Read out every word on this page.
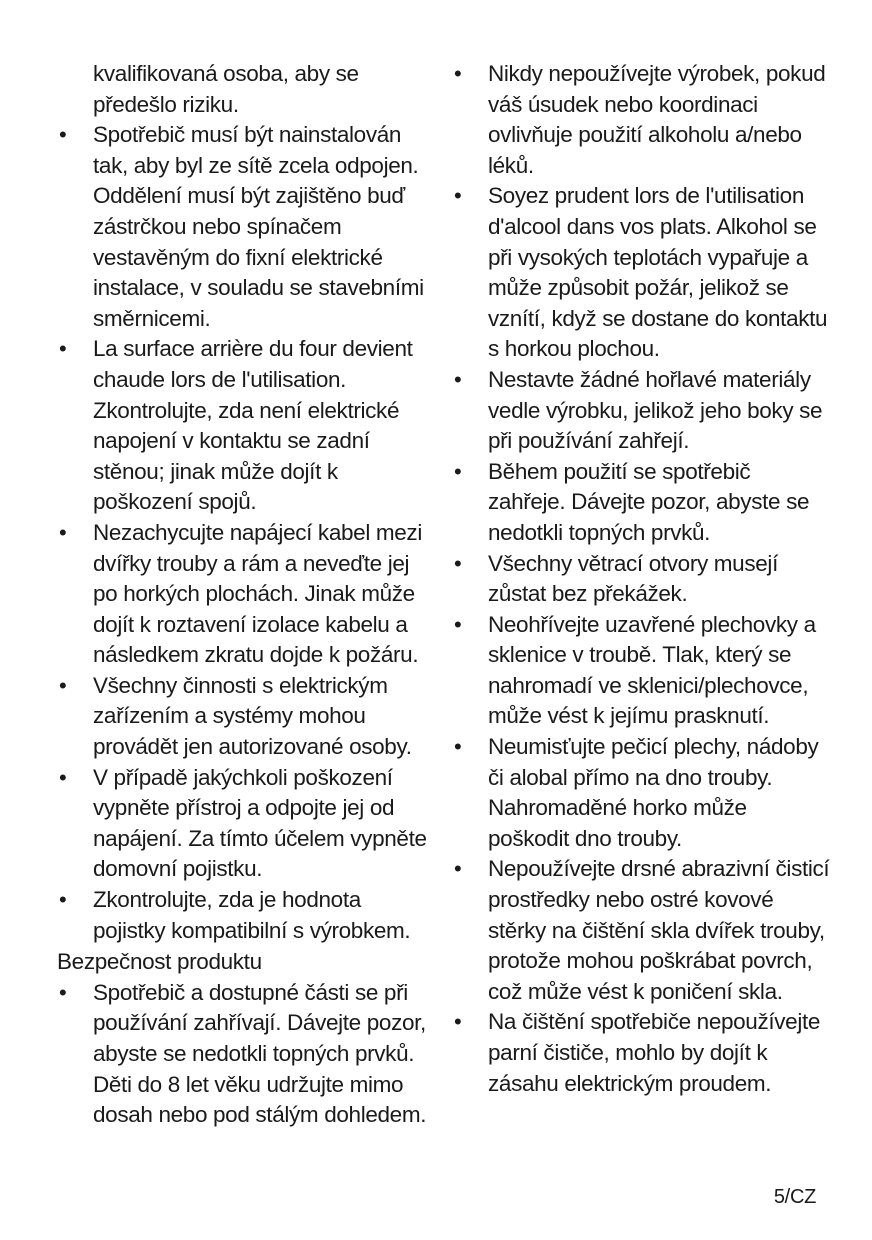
kvalifikovaná osoba, aby se předešlo riziku.
• Spotřebič musí být nainstalován tak, aby byl ze sítě zcela odpojen. Oddělení musí být zajištěno buď zástrčkou nebo spínačem vestavěným do fixní elektrické instalace, v souladu se stavebními směrnicemi.
• La surface arrière du four devient chaude lors de l'utilisation. Zkontrolujte, zda není elektrické napojení v kontaktu se zadní stěnou; jinak může dojít k poškození spojů.
• Nezachycujte napájecí kabel mezi dvířky trouby a rám a neveďte jej po horkých plochách. Jinak může dojít k roztavení izolace kabelu a následkem zkratu dojde k požáru.
• Všechny činnosti s elektrickým zařízením a systémy mohou provádět jen autorizované osoby.
• V případě jakýchkoli poškození vypněte přístroj a odpojte jej od napájení. Za tímto účelem vypněte domovní pojistku.
• Zkontrolujte, zda je hodnota pojistky kompatibilní s výrobkem.
Bezpečnost produktu
• Spotřebič a dostupné části se při používání zahřívají. Dávejte pozor, abyste se nedotkli topných prvků. Děti do 8 let věku udržujte mimo dosah nebo pod stálým dohledem.
• Nikdy nepoužívejte výrobek, pokud váš úsudek nebo koordinaci ovlivňuje použití alkoholu a/nebo léků.
• Soyez prudent lors de l'utilisation d'alcool dans vos plats. Alkohol se při vysokých teplotách vypařuje a může způsobit požár, jelikož se vznítí, když se dostane do kontaktu s horkou plochou.
• Nestavte žádné hořlavé materiály vedle výrobku, jelikož jeho boky se při používání zahřejí.
• Během použití se spotřebič zahřeje. Dávejte pozor, abyste se nedotkli topných prvků.
• Všechny větrací otvory musejí zůstat bez překážek.
• Neohřívejte uzavřené plechovky a sklenice v troubě. Tlak, který se nahromadí ve sklenici/plechovce, může vést k jejímu prasknutí.
• Neumisťujte pečicí plechy, nádoby či alobal přímo na dno trouby. Nahromaděné horko může poškodit dno trouby.
• Nepoužívejte drsné abrazivní čisticí prostředky nebo ostré kovové stěrky na čištění skla dvířek trouby, protože mohou poškrábat povrch, což může vést k poničení skla.
• Na čištění spotřebiče nepoužívejte parní čističe, mohlo by dojít k zásahu elektrickým proudem.
5/CZ
